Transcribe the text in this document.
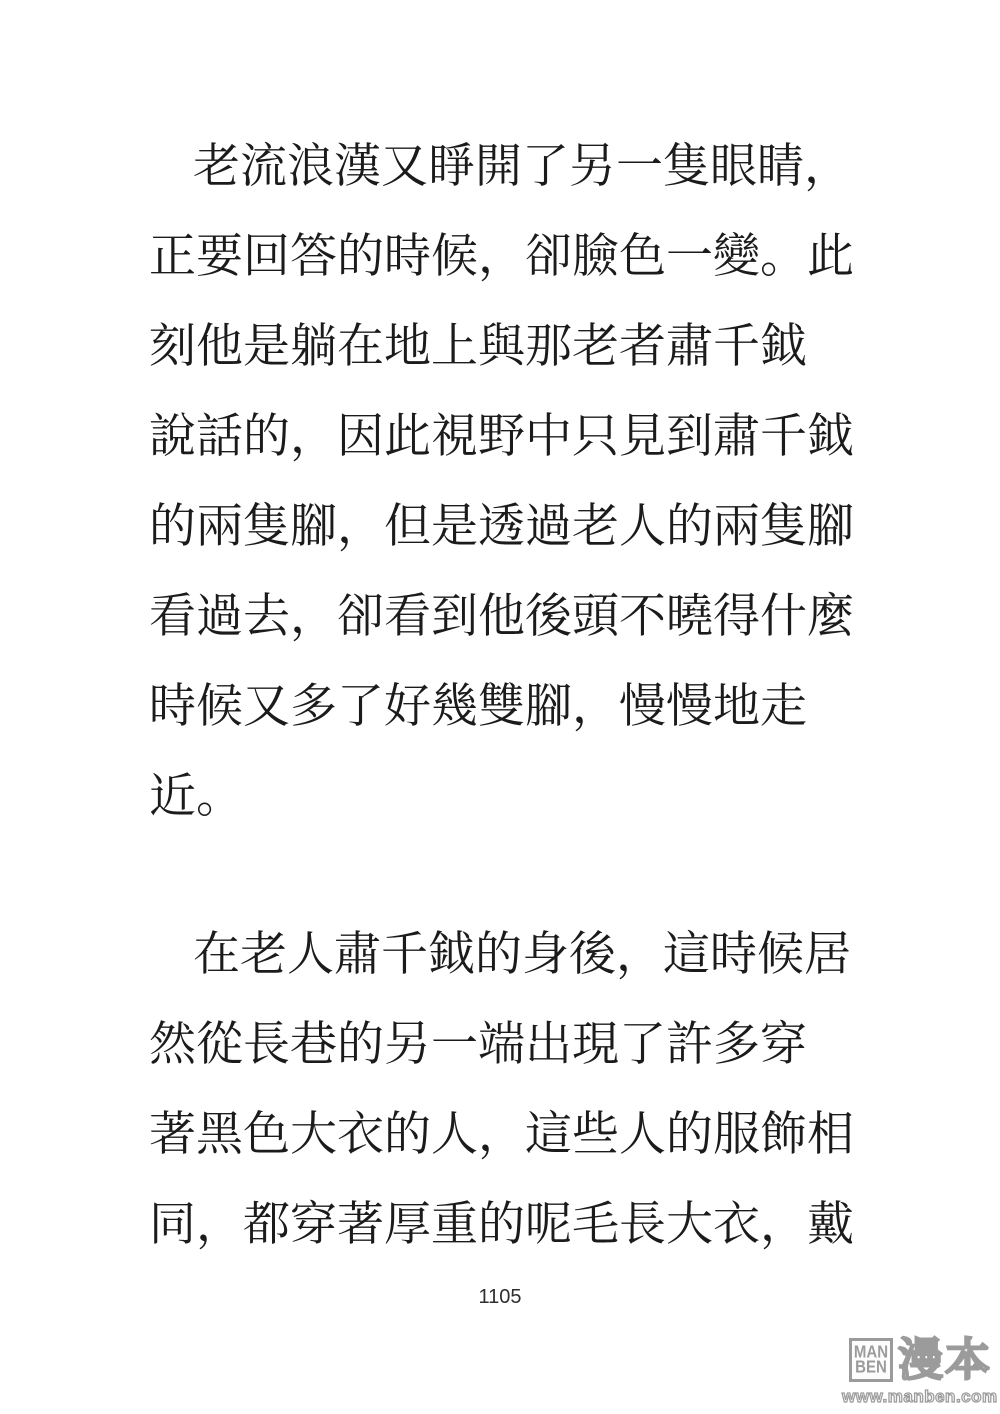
老流浪漢又睜開了另一隻眼睛，
正要回答的時候，卻臉色一變。此
刻他是躺在地上與那老者肅千鉞
說話的，因此視野中只見到肅千鉞
的兩隻腳，但是透過老人的兩隻腳
看過去，卻看到他後頭不曉得什麼
時候又多了好幾雙腳，慢慢地走
近。
在老人肅千鉞的身後，這時候居
然從長巷的另一端出現了許多穿
著黑色大衣的人，這些人的服飾相
同，都穿著厚重的呢毛長大衣，戴
1105
MAN
BEN 漫本
www.manben.com
